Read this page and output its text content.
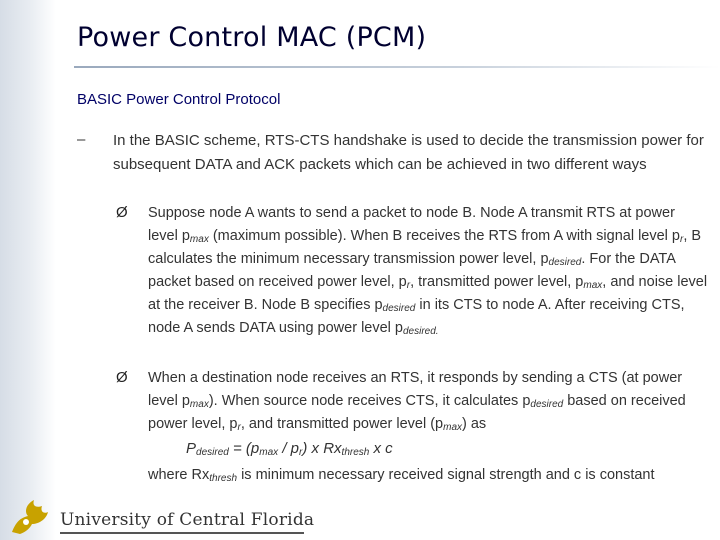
Power Control MAC (PCM)
BASIC Power Control Protocol
– In the BASIC scheme, RTS-CTS handshake is used to decide the transmission power for subsequent DATA and ACK packets which can be achieved in two different ways
Ø Suppose node A wants to send a packet to node B. Node A transmit RTS at power level $p_{max}$ (maximum possible). When B receives the RTS from A with signal level $p_r$, B calculates the minimum necessary transmission power level, $p_{desired}$. For the DATA packet based on received power level, $p_r$, transmitted power level, $p_{max}$, and noise level at the receiver B. Node B specifies $p_{desired}$ in its CTS to node A. After receiving CTS, node A sends DATA using power level $p_{desired.}$
Ø When a destination node receives an RTS, it responds by sending a CTS (at power level $p_{max}$). When source node receives CTS, it calculates $p_{desired}$ based on received power level, $p_r$, and transmitted power level $(p_{max})$ as
$P_{desired} = (p_{max} / p_r)$ x $Rx_{thresh}$ x c
where $Rx_{thresh}$ is minimum necessary received signal strength and c is constant
University of Central Florida
